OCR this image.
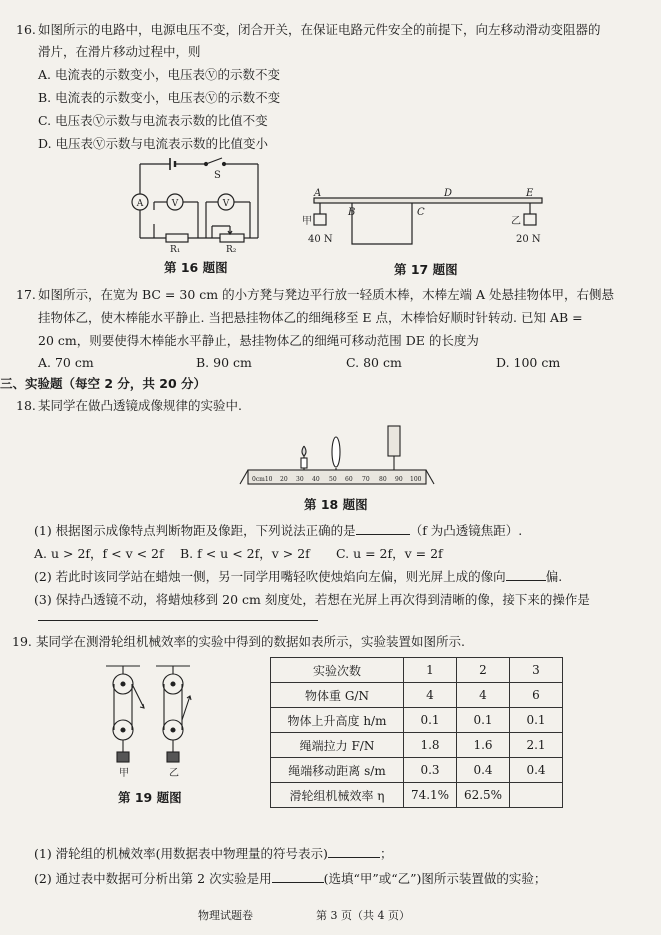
16. 如图所示的电路中，电源电压不变，闭合开关，在保证电路元件安全的前提下，向左移动滑动变阻器的
滑片，在滑片移动过程中，则
A. 电流表的示数变小，电压表Ⓥ的示数不变
B. 电流表的示数变小，电压表Ⓥ的示数不变
C. 电压表Ⓥ示数与电流表示数的比值不变
D. 电压表Ⓥ示数与电流表示数的比值变小
A	V	V
S
R₁	R₂
第 16 题图
A
B	C
D	E
甲
40 N
乙
20 N
第 17 题图
17. 如图所示，在宽为 BC = 30 cm 的小方凳与凳边平行放一轻质木棒，木棒左端 A 处悬挂物体甲，右侧悬
挂物体乙，使木棒能水平静止. 当把悬挂物体乙的细绳移至 E 点，木棒恰好顺时针转动. 已知 AB =
20 cm，则要使得木棒能水平静止，悬挂物体乙的细绳可移动范围 DE 的长度为
A. 70 cm	B. 90 cm	C. 80 cm	D. 100 cm
三、实验题（每空 2 分，共 20 分）
18. 某同学在做凸透镜成像规律的实验中.
0cm10 20 30 40 50 60 70 80 90 100
第 18 题图
(1) 根据图示成像特点判断物距及像距，下列说法正确的是	（f 为凸透镜焦距）.
A. u > 2f，f < v < 2f B. f < u < 2f，v > 2f C. u = 2f，v = 2f
(2) 若此时该同学站在蜡烛一侧，另一同学用嘴轻吹使烛焰向左偏，则光屏上成的像向	偏.
(3) 保持凸透镜不动，将蜡烛移到 20 cm 刻度处，若想在光屏上再次得到清晰的像，接下来的操作是
19. 某同学在测滑轮组机械效率的实验中得到的数据如表所示，实验装置如图所示.
甲	乙
第 19 题图
实验次数	1	2	3
物体重 G/N	4	4	6
物体上升高度 h/m	0.1	0.1	0.1
绳端拉力 F/N	1.8	1.6	2.1
绳端移动距离 s/m	0.3	0.4	0.4
滑轮组机械效率 η	74.1%	62.5%	
(1) 滑轮组的机械效率(用数据表中物理量的符号表示)	；
(2) 通过表中数据可分析出第 2 次实验是用	(选填“甲”或“乙”)图所示装置做的实验；
物理试题卷	第 3 页（共 4 页）
